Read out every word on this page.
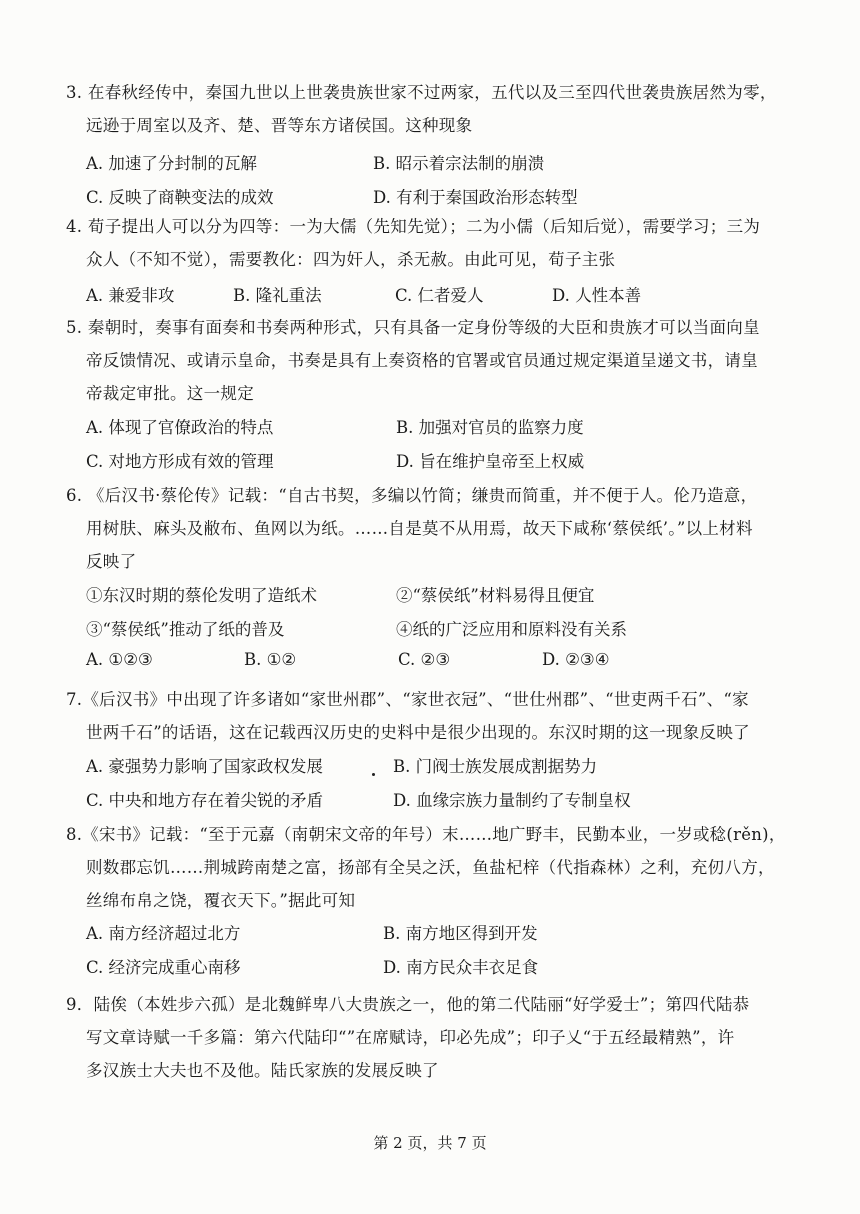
3. 在春秋经传中，秦国九世以上世袭贵族世家不过两家，五代以及三至四代世袭贵族居然为零，
远逊于周室以及齐、楚、晋等东方诸侯国。这种现象
A. 加速了分封制的瓦解	B. 昭示着宗法制的崩溃
C. 反映了商鞅变法的成效	D. 有利于秦国政治形态转型
4. 荀子提出人可以分为四等：一为大儒（先知先觉）；二为小儒（后知后觉），需要学习；三为
众人（不知不觉），需要教化：四为奸人，杀无赦。由此可见，荀子主张
A. 兼爱非攻	B. 隆礼重法	C. 仁者爱人	D. 人性本善
5. 秦朝时，奏事有面奏和书奏两种形式，只有具备一定身份等级的大臣和贵族才可以当面向皇
帝反馈情况、或请示皇命，书奏是具有上奏资格的官署或官员通过规定渠道呈递文书，请皇
帝裁定审批。这一规定
A. 体现了官僚政治的特点	B. 加强对官员的监察力度
C. 对地方形成有效的管理	D. 旨在维护皇帝至上权威
6. 《后汉书·蔡伦传》记载：“自古书契，多编以竹简；缣贵而简重，并不便于人。伦乃造意，
用树肤、麻头及敝布、鱼网以为纸。……自是莫不从用焉，故天下咸称‘蔡侯纸’。”以上材料
反映了
①东汉时期的蔡伦发明了造纸术	②“蔡侯纸”材料易得且便宜
③“蔡侯纸”推动了纸的普及	④纸的广泛应用和原料没有关系
A. ①②③	B. ①②	C. ②③	D. ②③④
7.《后汉书》中出现了许多诸如“家世州郡”、“家世衣冠”、“世仕州郡”、“世吏两千石”、“家
世两千石”的话语，这在记载西汉历史的史料中是很少出现的。东汉时期的这一现象反映了
A. 豪强势力影响了国家政权发展	B. 门阀士族发展成割据势力
C. 中央和地方存在着尖锐的矛盾	D. 血缘宗族力量制约了专制皇权
8.《宋书》记载：“至于元嘉（南朝宋文帝的年号）末……地广野丰，民勤本业，一岁或稔(rěn)，
则数郡忘饥……荆城跨南楚之富，扬部有全吴之沃，鱼盐杞梓（代指森林）之利，充仞八方，
丝绵布帛之饶，覆衣天下。”据此可知
A. 南方经济超过北方	B. 南方地区得到开发
C. 经济完成重心南移	D. 南方民众丰衣足食
9．陆俟（本姓步六孤）是北魏鲜卑八大贵族之一，他的第二代陆丽“好学爱士”；第四代陆恭
写文章诗赋一千多篇：第六代陆印“”在席赋诗，印必先成”；印子乂“于五经最精熟”，许
多汉族士大夫也不及他。陆氏家族的发展反映了
第 2 页，共 7 页
